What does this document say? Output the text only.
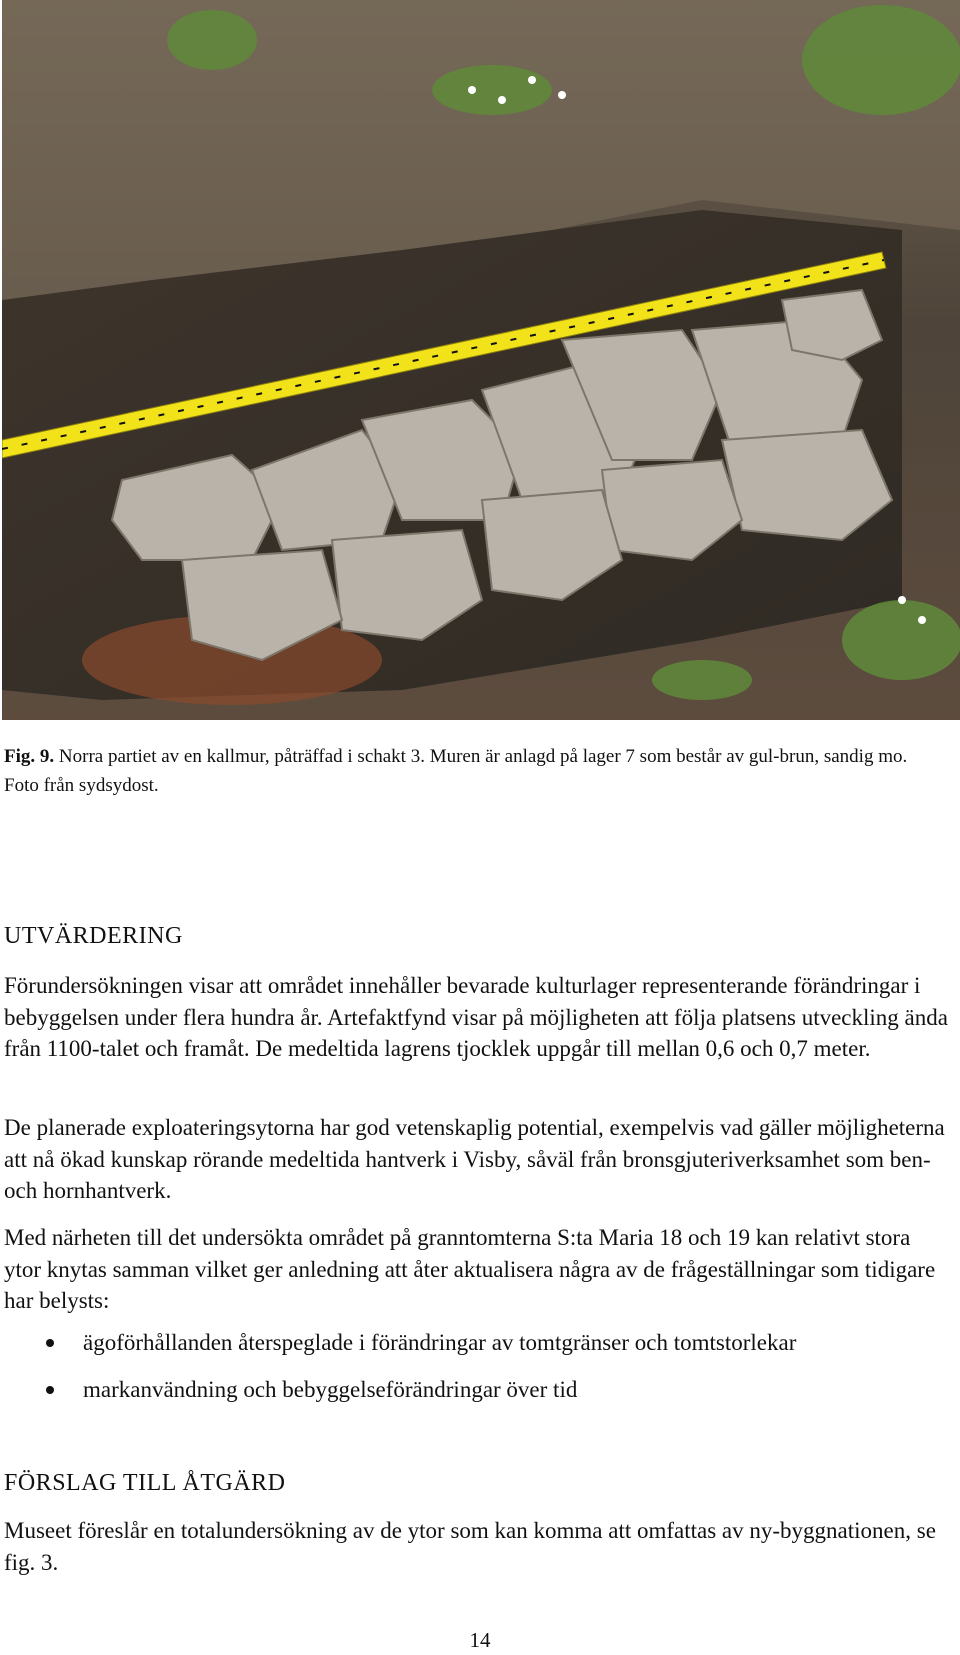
Fig. 9. Norra partiet av en kallmur, påträffad i schakt 3. Muren är anlagd på lager 7 som består av gul-brun, sandig mo. Foto från sydsydost.
UTVÄRDERING

Förundersökningen visar att området innehåller bevarade kulturlager representerande förändringar i bebyggelsen under flera hundra år. Artefaktfynd visar på möjligheten att följa platsens utveckling ända från 1100-talet och framåt. De medeltida lagrens tjocklek uppgår till mellan 0,6 och 0,7 meter.

De planerade exploateringsytorna har god vetenskaplig potential, exempelvis vad gäller möjligheterna att nå ökad kunskap rörande medeltida hantverk i Visby, såväl från bronsgjuteriverksamhet som ben- och hornhantverk.

Med närheten till det undersökta området på granntomterna S:ta Maria 18 och 19 kan relativt stora ytor knytas samman vilket ger anledning att åter aktualisera några av de frågeställningar som tidigare har belysts:

ägoförhållanden återspeglade i förändringar av tomtgränser och tomtstorlekar
markanvändning och bebyggelseförändringar över tid
FÖRSLAG TILL ÅTGÄRD

Museet föreslår en totalundersökning av de ytor som kan komma att omfattas av ny-byggnationen, se fig. 3.

14
